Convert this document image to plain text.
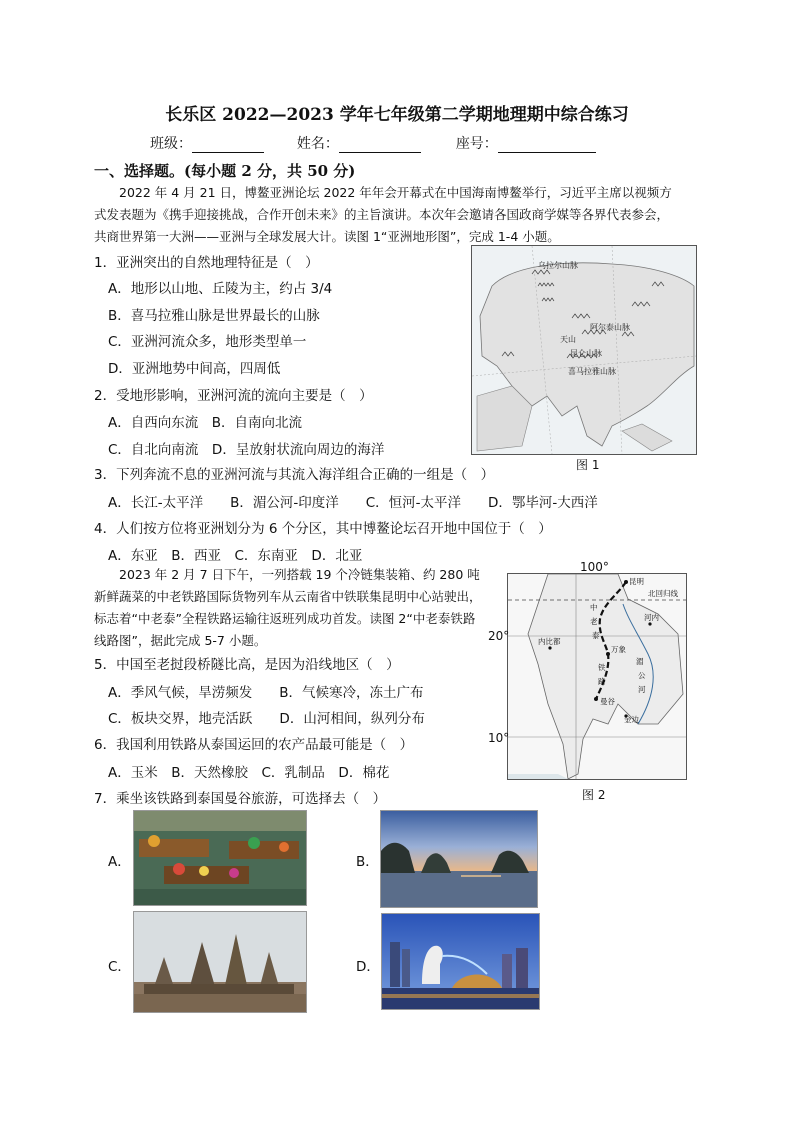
长乐区 2022—2023 学年七年级第二学期地理期中综合练习
班级：	姓名：	座号：
一、选择题。(每小题 2 分，共 50 分)
2022 年 4 月 21 日，博鳌亚洲论坛 2022 年年会开幕式在中国海南博鳌举行，习近平主席以视频方式发表题为《携手迎接挑战，合作开创未来》的主旨演讲。本次年会邀请各国政商学媒等各界代表参会，共商世界第一大洲——亚洲与全球发展大计。读图 1“亚洲地形图”，完成 1-4 小题。
1．亚洲突出的自然地理特征是（　）
A．地形以山地、丘陵为主，约占 3/4
B．喜马拉雅山脉是世界最长的山脉
C．亚洲河流众多，地形类型单一
D．亚洲地势中间高，四周低
2．受地形影响，亚洲河流的流向主要是（　）
A．自西向东流　B．自南向北流
C．自北向南流　D．呈放射状流向周边的海洋
3．下列奔流不息的亚洲河流与其流入海洋组合正确的一组是（　）
A．长江-太平洋　　B．湄公河-印度洋　　C．恒河-太平洋　　D．鄂毕河-大西洋
4．人们按方位将亚洲划分为 6 个分区，其中博鳌论坛召开地中国位于（　）
A．东亚　B．西亚　C．东南亚　D．北亚
乌拉尔山脉
天山
阿尔泰山脉
昆仑山脉
喜马拉雅山脉
图 1
2023 年 2 月 7 日下午，一列搭载 19 个冷链集装箱、约 280 吨新鲜蔬菜的中老铁路国际货物列车从云南省中铁联集昆明中心站驶出，标志着“中老泰”全程铁路运输往返班列成功首发。读图 2“中老泰铁路线路图”，据此完成 5-7 小题。
5．中国至老挝段桥隧比高，是因为沿线地区（　）
A．季风气候，旱涝频发　　B．气候寒冷，冻土广布
C．板块交界，地壳活跃　　D．山河相间，纵列分布
6．我国利用铁路从泰国运回的农产品最可能是（　）
A．玉米　B．天然橡胶　C．乳制品　D．棉花
7．乘坐该铁路到泰国曼谷旅游，可选择去（　）
昆明
北回归线
万象
曼谷
内比都
河内
金边
中
老
泰
铁
路
湄
公
河
100°
20°
10°
图 2
A．	B．
C．	D．
